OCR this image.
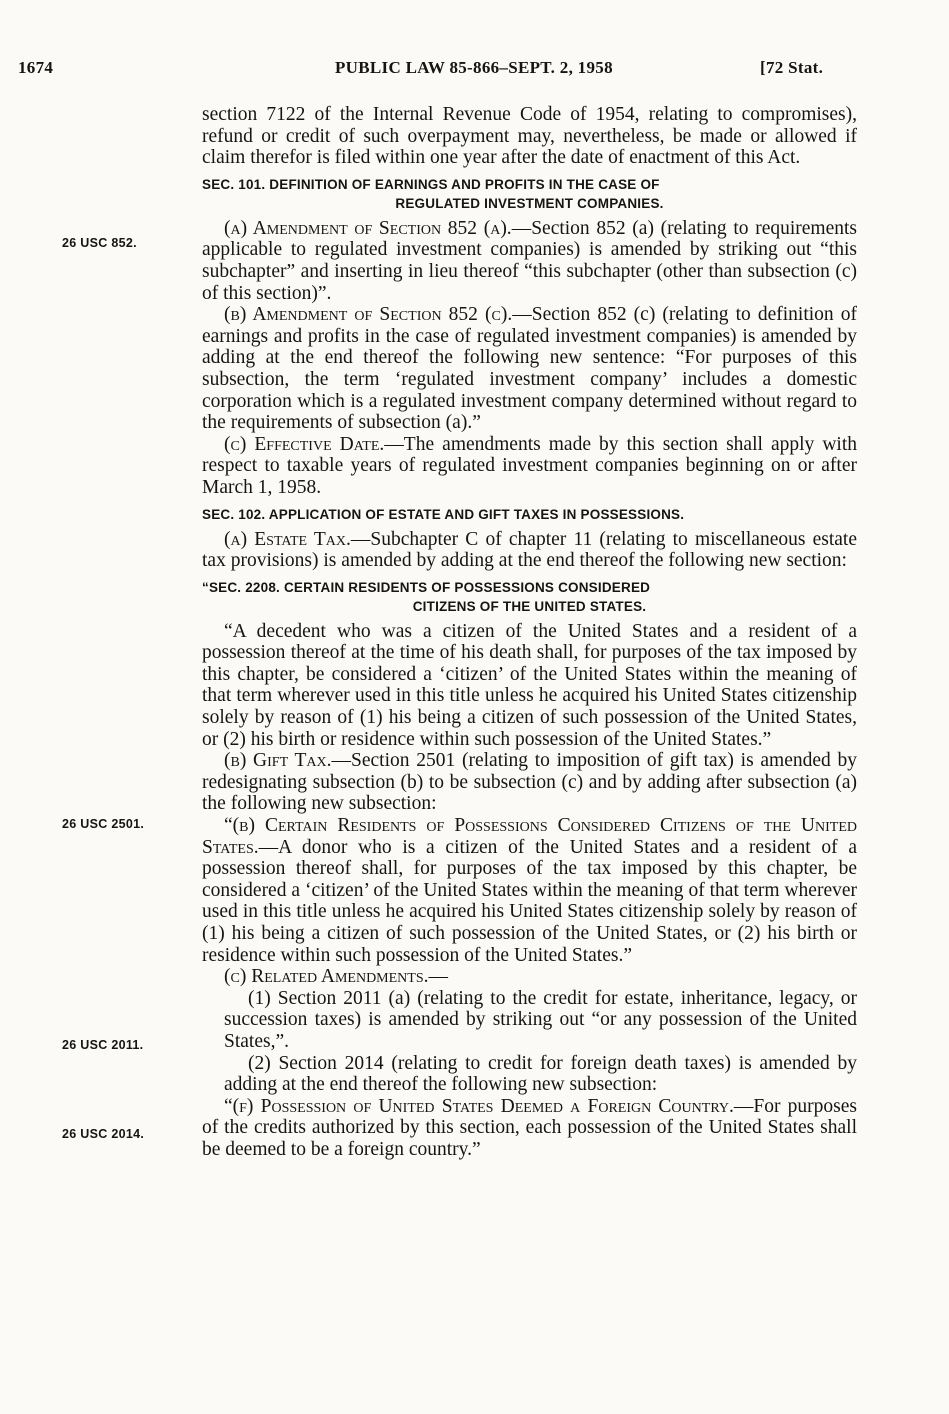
1674	PUBLIC LAW 85-866–SEPT. 2, 1958	[72 Stat.
26 USC 852.
26 USC 2501.
26 USC 2011.
26 USC 2014.

section 7122 of the Internal Revenue Code of 1954, relating to compromises), refund or credit of such overpayment may, nevertheless, be made or allowed if claim therefor is filed within one year after the date of enactment of this Act.

SEC. 101. DEFINITION OF EARNINGS AND PROFITS IN THE CASE OF
REGULATED INVESTMENT COMPANIES.

(a) Amendment of Section 852 (a).—Section 852 (a) (relating to requirements applicable to regulated investment companies) is amended by striking out “this subchapter” and inserting in lieu thereof “this subchapter (other than subsection (c) of this section)”.

(b) Amendment of Section 852 (c).—Section 852 (c) (relating to definition of earnings and profits in the case of regulated investment companies) is amended by adding at the end thereof the following new sentence: “For purposes of this subsection, the term ‘regulated investment company’ includes a domestic corporation which is a regulated investment company determined without regard to the requirements of subsection (a).”

(c) Effective Date.—The amendments made by this section shall apply with respect to taxable years of regulated investment companies beginning on or after March 1, 1958.

SEC. 102. APPLICATION OF ESTATE AND GIFT TAXES IN POSSESSIONS.

(a) Estate Tax.—Subchapter C of chapter 11 (relating to miscellaneous estate tax provisions) is amended by adding at the end thereof the following new section:

“SEC. 2208. CERTAIN RESIDENTS OF POSSESSIONS CONSIDERED
CITIZENS OF THE UNITED STATES.

“A decedent who was a citizen of the United States and a resident of a possession thereof at the time of his death shall, for purposes of the tax imposed by this chapter, be considered a ‘citizen’ of the United States within the meaning of that term wherever used in this title unless he acquired his United States citizenship solely by reason of (1) his being a citizen of such possession of the United States, or (2) his birth or residence within such possession of the United States.”

(b) Gift Tax.—Section 2501 (relating to imposition of gift tax) is amended by redesignating subsection (b) to be subsection (c) and by adding after subsection (a) the following new subsection:

“(b) Certain Residents of Possessions Considered Citizens of the United States.—A donor who is a citizen of the United States and a resident of a possession thereof shall, for purposes of the tax imposed by this chapter, be considered a ‘citizen’ of the United States within the meaning of that term wherever used in this title unless he acquired his United States citizenship solely by reason of (1) his being a citizen of such possession of the United States, or (2) his birth or residence within such possession of the United States.”

(c) Related Amendments.—

(1) Section 2011 (a) (relating to the credit for estate, inheritance, legacy, or succession taxes) is amended by striking out “or any possession of the United States,”.

(2) Section 2014 (relating to credit for foreign death taxes) is amended by adding at the end thereof the following new subsection:

“(f) Possession of United States Deemed a Foreign Country.—For purposes of the credits authorized by this section, each possession of the United States shall be deemed to be a foreign country.”
